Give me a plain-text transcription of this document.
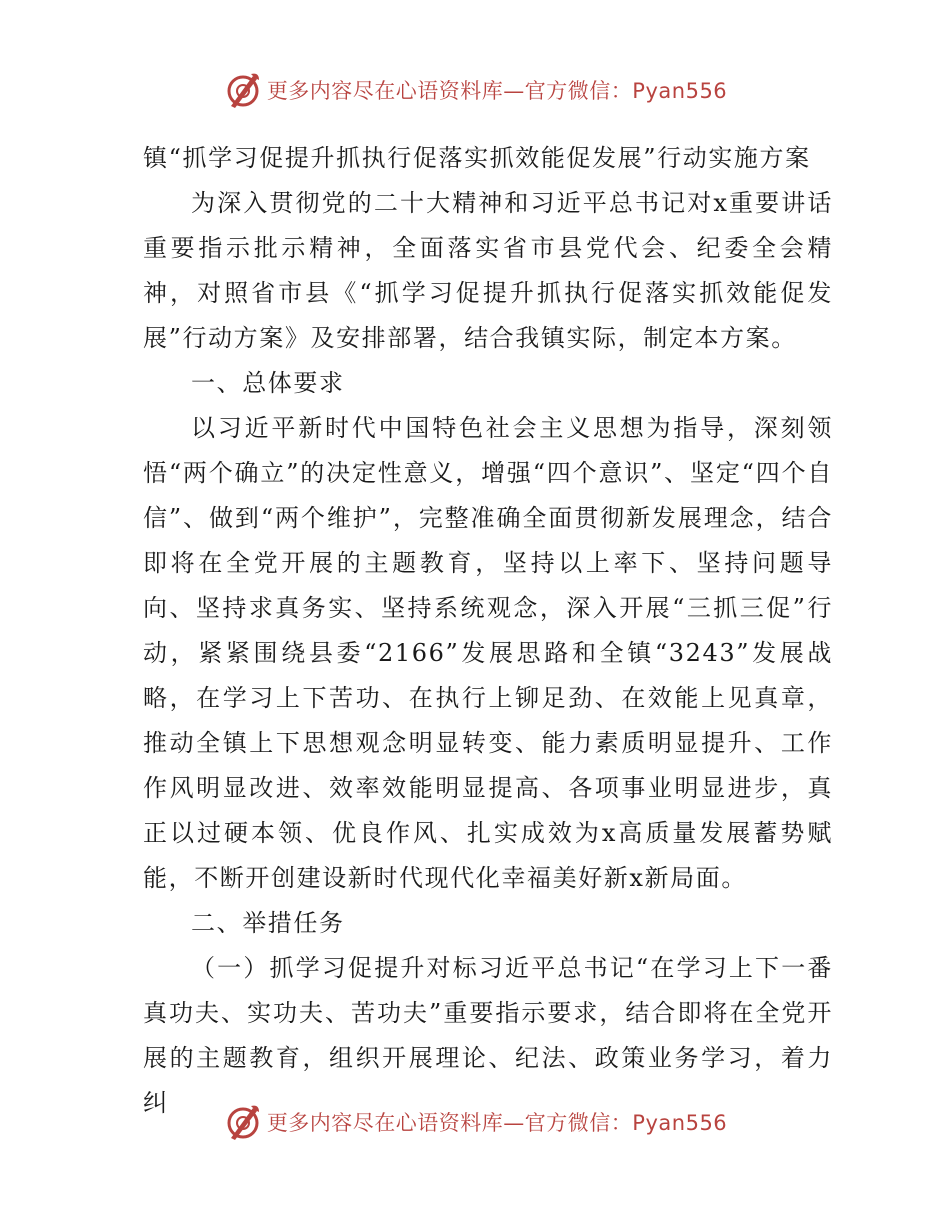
更多内容尽在心语资料库—官方微信：Pyan556

镇“抓学习促提升抓执行促落实抓效能促发展”行动实施方案

为深入贯彻党的二十大精神和习近平总书记对x重要讲话重要指示批示精神，全面落实省市县党代会、纪委全会精神，对照省市县《“抓学习促提升抓执行促落实抓效能促发展”行动方案》及安排部署，结合我镇实际，制定本方案。

一、总体要求

以习近平新时代中国特色社会主义思想为指导，深刻领悟“两个确立”的决定性意义，增强“四个意识”、坚定“四个自信”、做到“两个维护”，完整准确全面贯彻新发展理念，结合即将在全党开展的主题教育，坚持以上率下、坚持问题导向、坚持求真务实、坚持系统观念，深入开展“三抓三促”行动，紧紧围绕县委“2166”发展思路和全镇“3243”发展战略，在学习上下苦功、在执行上铆足劲、在效能上见真章，推动全镇上下思想观念明显转变、能力素质明显提升、工作作风明显改进、效率效能明显提高、各项事业明显进步，真正以过硬本领、优良作风、扎实成效为x高质量发展蓄势赋能，不断开创建设新时代现代化幸福美好新x新局面。

二、举措任务

（一）抓学习促提升对标习近平总书记“在学习上下一番真功夫、实功夫、苦功夫”重要指示要求，结合即将在全党开展的主题教育，组织开展理论、纪法、政策业务学习，着力纠

更多内容尽在心语资料库—官方微信：Pyan556
